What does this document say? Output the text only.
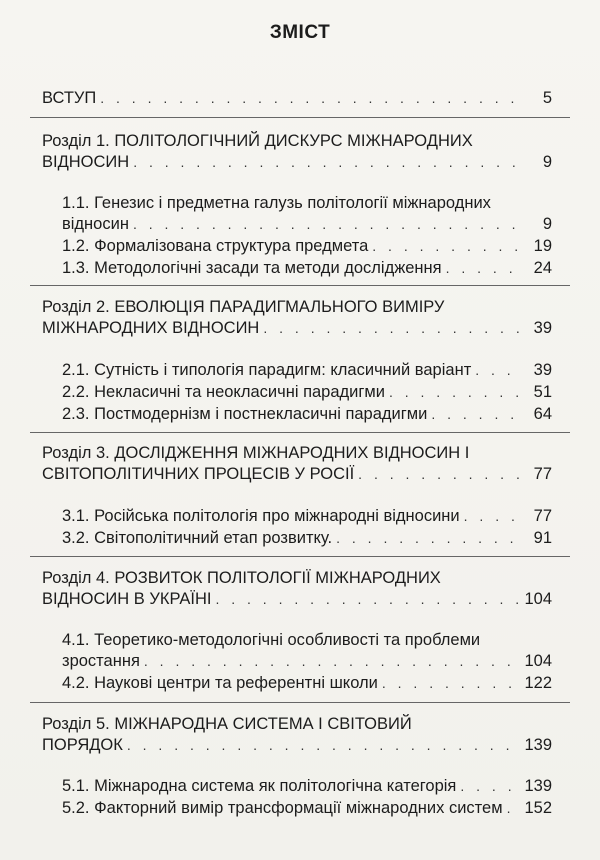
ЗМІСТ
ВСТУП . . .	5
Розділ 1. ПОЛІТОЛОГІЧНИЙ ДИСКУРС МІЖНАРОДНИХ
ВІДНОСИН . . .	9
1.1. Генезис і предметна галузь політології міжнародних
відносин . . .	9
1.2. Формалізована структура предмета . . .	19
1.3. Методологічні засади та методи дослідження . . .	24
Розділ 2. ЕВОЛЮЦІЯ ПАРАДИГМАЛЬНОГО ВИМІРУ
МІЖНАРОДНИХ ВІДНОСИН . . .	39
2.1. Сутність і типологія парадигм: класичний варіант . . .	39
2.2. Некласичні та неокласичні парадигми . . .	51
2.3. Постмодернізм і постнекласичні парадигми . . .	64
Розділ 3. ДОСЛІДЖЕННЯ МІЖНАРОДНИХ ВІДНОСИН І
СВІТОПОЛІТИЧНИХ ПРОЦЕСІВ У РОСІЇ . . .	77
3.1. Російська політологія про міжнародні відносини . . .	77
3.2. Світополітичний етап розвитку. . . .	91
Розділ 4. РОЗВИТОК ПОЛІТОЛОГІЇ МІЖНАРОДНИХ
ВІДНОСИН В УКРАЇНІ . . .	104
4.1. Теоретико-методологічні особливості та проблеми
зростання . . .	104
4.2. Наукові центри та референтні школи . . .	122
Розділ 5. МІЖНАРОДНА СИСТЕМА І СВІТОВИЙ
ПОРЯДОК . . .	139
5.1. Міжнародна система як політологічна категорія . . .	139
5.2. Факторний вимір трансформації міжнародних систем . . . 152
